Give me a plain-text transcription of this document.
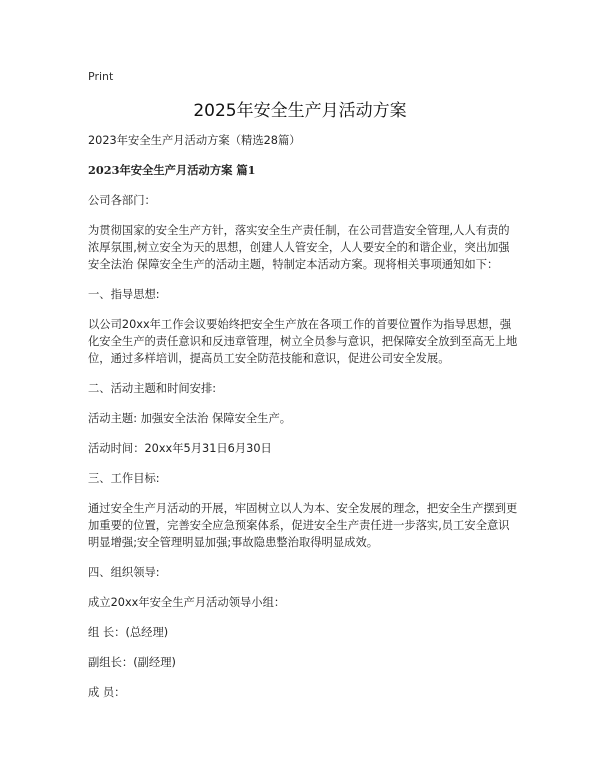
Print
2025年安全生产月活动方案

2023年安全生产月活动方案（精选28篇）

2023年安全生产月活动方案 篇1

公司各部门：

为贯彻国家的安全生产方针，落实安全生产责任制，在公司营造安全管理,人人有责的浓厚氛围,树立安全为天的思想，创建人人管安全，人人要安全的和谐企业，突出加强安全法治 保障安全生产的活动主题，特制定本活动方案。现将相关事项通知如下：

一、指导思想:

以公司20xx年工作会议要始终把安全生产放在各项工作的首要位置作为指导思想，强化安全生产的责任意识和反违章管理，树立全员参与意识，把保障安全放到至高无上地位，通过多样培训，提高员工安全防范技能和意识，促进公司安全发展。

二、活动主题和时间安排:

活动主题: 加强安全法治 保障安全生产。

活动时间：20xx年5月31日6月30日

三、工作目标:

通过安全生产月活动的开展，牢固树立以人为本、安全发展的理念，把安全生产摆到更加重要的位置，完善安全应急预案体系，促进安全生产责任进一步落实,员工安全意识明显增强;安全管理明显加强;事故隐患整治取得明显成效。

四、组织领导:

成立20xx年安全生产月活动领导小组：

组 长：(总经理)

副组长：(副经理)

成 员：
